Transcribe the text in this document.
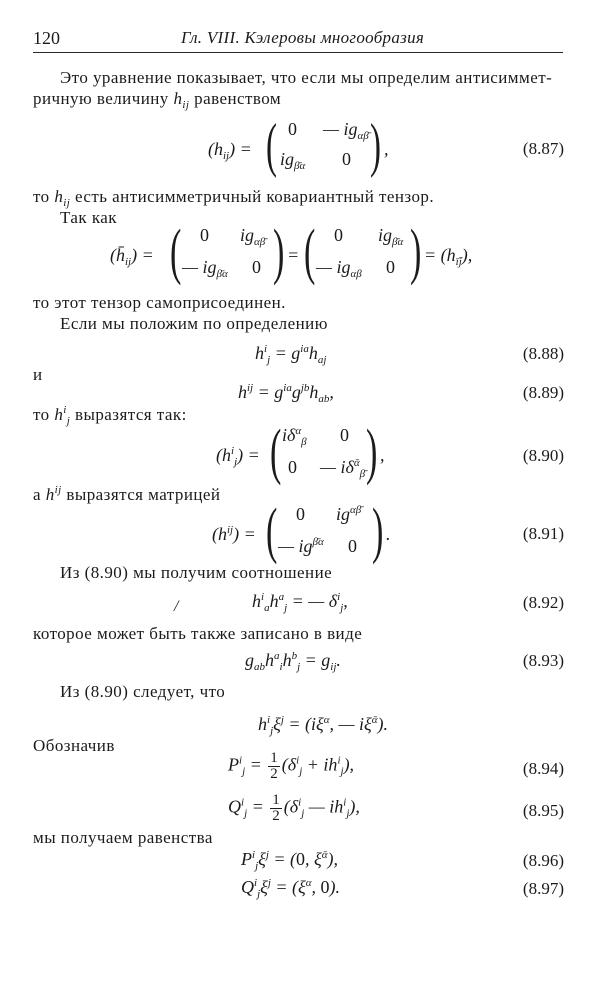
120	Гл. VIII. Кэлеровы многообразия
Это уравнение показывает, что если мы определим антисиммет-
ричную величину $h_{ij}$ равенством
$(h_{ij})$ = ( 0 — $ig_{\alpha\betā}$
$ig_{\betā\alpha}$ 0 ) ,	(8.87)
то $h_{ij}$ есть антисимметричный ковариантный тензор.
Так как
$(h̄_{ij})$ = ( 0 $ig_{\alpha\betā}$
— $ig_{\betā\alpha}$ 0 ) = ( 0 $ig_{\betā\alpha}$
— $ig_{\alpha\beta}$ 0 ) = $(h_{īj̄})$,
то этот тензор самоприсоединен.
Если мы положим по определению
$h^i_j = g^{ia}h_{aj}$	(8.88)
и
$h^{ij} = g^{ia}g^{jb}h_{ab}$,	(8.89)
то $h^i_j$ выразятся так:
$(h^i_j)$ = ( $i\delta^\alpha_\beta$ 0
0 — $i\delta^ᾱ_{\betā}$ ) ,	(8.90)
а $h^{ij}$ выразятся матрицей
$(h^{ij})$ = ( 0 $ig^{\alpha\betā}$
— $ig^{\betā\alpha}$ 0 ) .	(8.91)
Из (8.90) мы получим соотношение
/	$h^i_ah^a_j$ = — $\delta^i_j$,	(8.92)
которое может быть также записано в виде
$g_{ab}h^a_ih^b_j = g_{ij}$.	(8.93)
Из (8.90) следует, что
$h^i_j\xi^j = (i\xi^\alpha$, — $i\xi^ᾱ$).
Обозначив
$P^i_j = \frac{1}{2} (\delta^i_j + ih^i_j)$,	(8.94)
$Q^i_j = \frac{1}{2} (\delta^i_j$ — $ih^i_j$),	(8.95)
мы получаем равенства
$P^i_j\xi^j = (0$, $\xi^ᾱ$),	(8.96)
$Q^i_j\xi^j = (\xi^\alpha$, 0).	(8.97)
